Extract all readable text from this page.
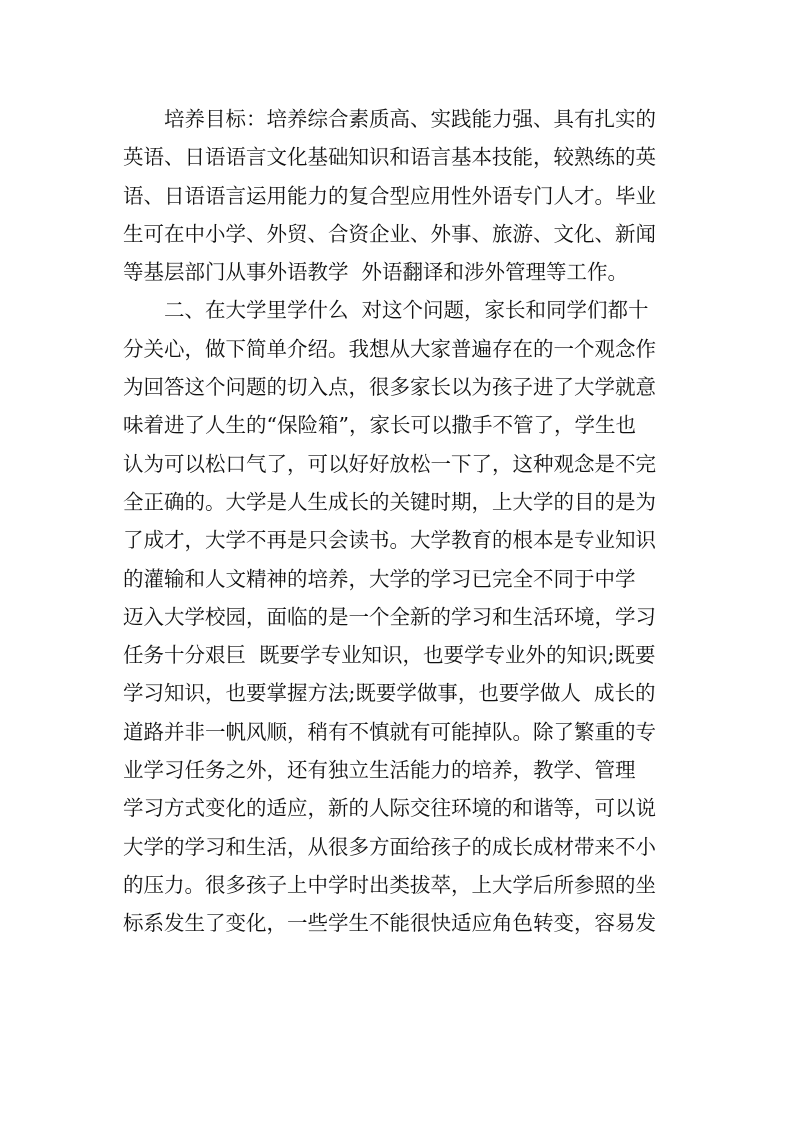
　　培养目标：培养综合素质高、实践能力强、具有扎实的
英语、日语语言文化基础知识和语言基本技能，较熟练的英
语、日语语言运用能力的复合型应用性外语专门人才。毕业
生可在中小学、外贸、合资企业、外事、旅游、文化、新闻
等基层部门从事外语教学  外语翻译和涉外管理等工作。
　　二、在大学里学什么  对这个问题，家长和同学们都十
分关心，做下简单介绍。我想从大家普遍存在的一个观念作
为回答这个问题的切入点，很多家长以为孩子进了大学就意
味着进了人生的“保险箱”，家长可以撒手不管了，学生也
认为可以松口气了，可以好好放松一下了，这种观念是不完
全正确的。大学是人生成长的关键时期，上大学的目的是为
了成才，大学不再是只会读书。大学教育的根本是专业知识
的灌输和人文精神的培养，大学的学习已完全不同于中学
迈入大学校园，面临的是一个全新的学习和生活环境，学习
任务十分艰巨  既要学专业知识，也要学专业外的知识;既要
学习知识，也要掌握方法;既要学做事，也要学做人  成长的
道路并非一帆风顺，稍有不慎就有可能掉队。除了繁重的专
业学习任务之外，还有独立生活能力的培养，教学、管理
学习方式变化的适应，新的人际交往环境的和谐等，可以说
大学的学习和生活，从很多方面给孩子的成长成材带来不小
的压力。很多孩子上中学时出类拔萃，上大学后所参照的坐
标系发生了变化，一些学生不能很快适应角色转变，容易发
